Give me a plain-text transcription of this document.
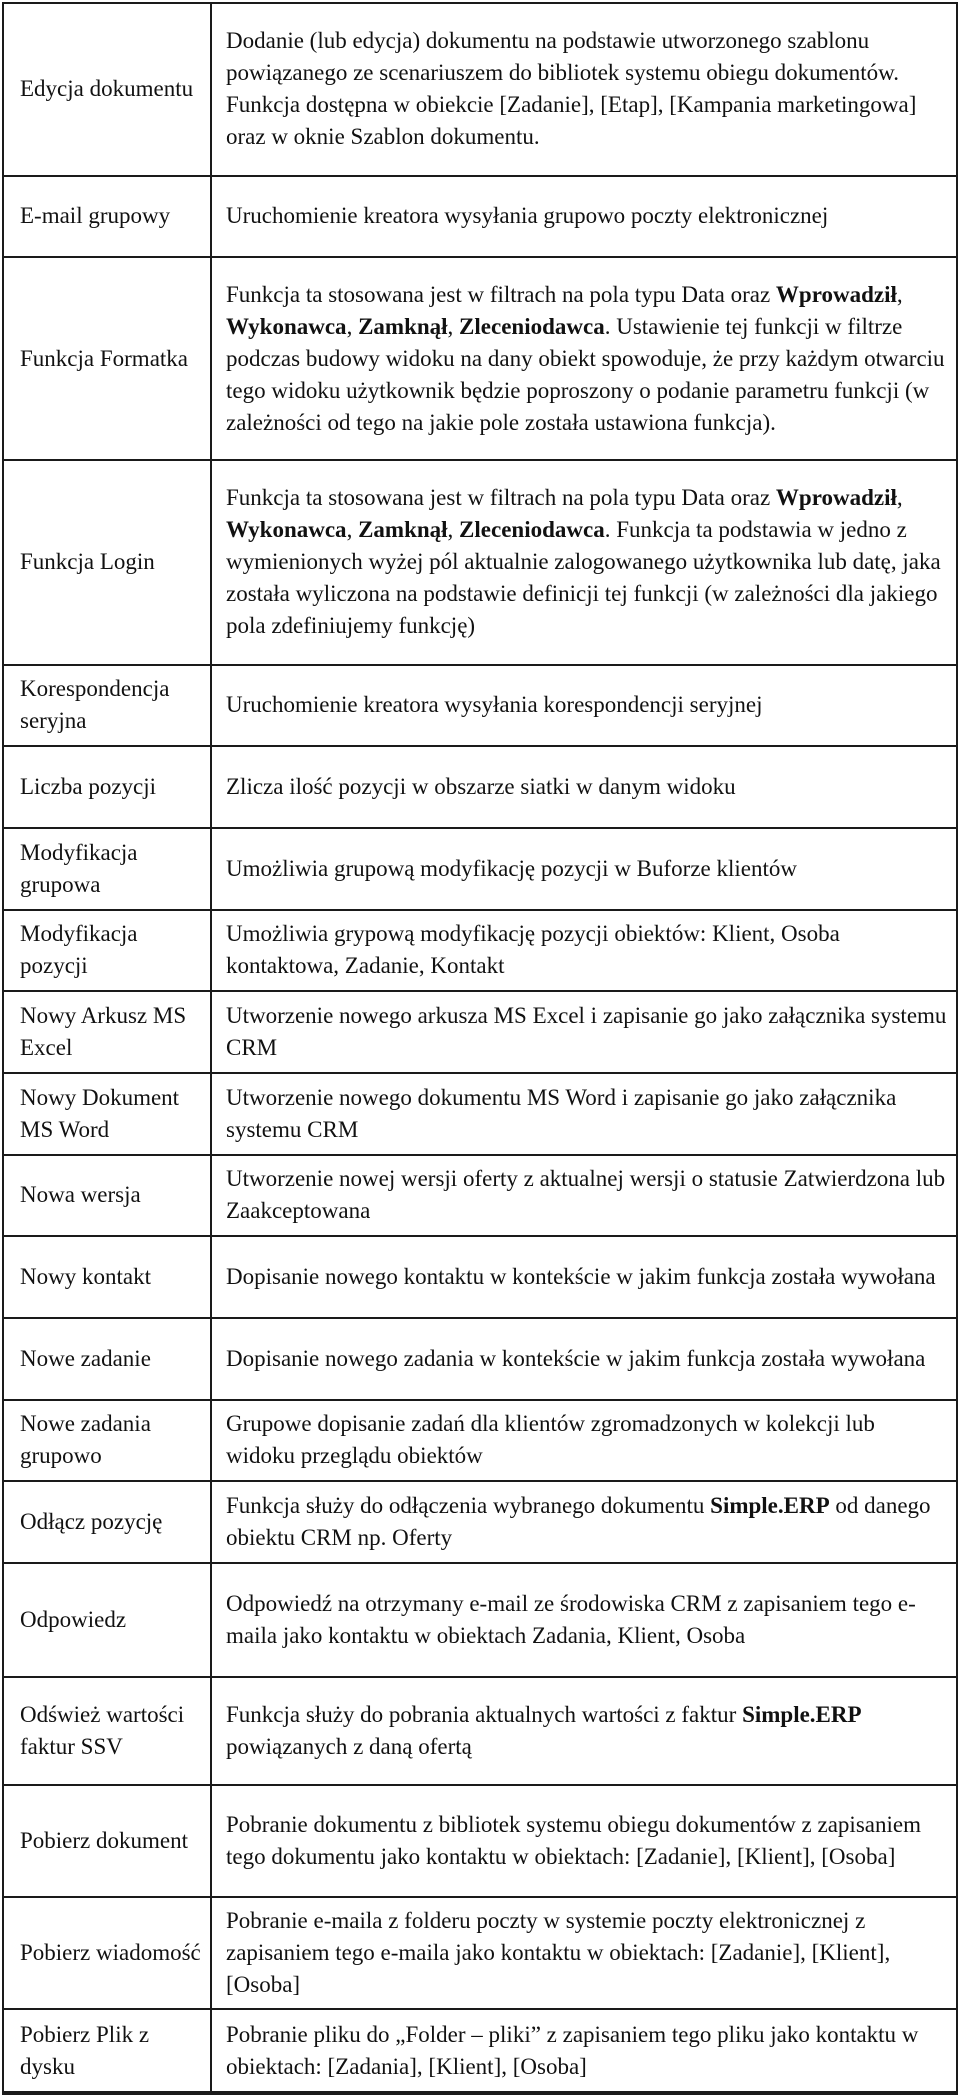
Edycja dokumentu	Dodanie (lub edycja) dokumentu na podstawie utworzonego szablonu powiązanego ze scenariuszem do bibliotek systemu obiegu dokumentów. Funkcja dostępna w obiekcie [Zadanie], [Etap], [Kampania marketingowa] oraz w oknie Szablon dokumentu.
E-mail grupowy	Uruchomienie kreatora wysyłania grupowo poczty elektronicznej
Funkcja Formatka	Funkcja ta stosowana jest w filtrach na pola typu Data oraz Wprowadził, Wykonawca, Zamknął, Zleceniodawca. Ustawienie tej funkcji w filtrze podczas budowy widoku na dany obiekt spowoduje, że przy każdym otwarciu tego widoku użytkownik będzie poproszony o podanie parametru funkcji (w zależności od tego na jakie pole została ustawiona funkcja).
Funkcja Login	Funkcja ta stosowana jest w filtrach na pola typu Data oraz Wprowadził, Wykonawca, Zamknął, Zleceniodawca. Funkcja ta podstawia w jedno z wymienionych wyżej pól aktualnie zalogowanego użytkownika lub datę, jaka została wyliczona na podstawie definicji tej funkcji (w zależności dla jakiego pola zdefiniujemy funkcję)
Korespondencja seryjna	Uruchomienie kreatora wysyłania korespondencji seryjnej
Liczba pozycji	Zlicza ilość pozycji w obszarze siatki w danym widoku
Modyfikacja grupowa	Umożliwia grupową modyfikację pozycji w Buforze klientów
Modyfikacja pozycji	Umożliwia grypową modyfikację pozycji obiektów: Klient, Osoba kontaktowa, Zadanie, Kontakt
Nowy Arkusz MS Excel	Utworzenie nowego arkusza MS Excel i zapisanie go jako załącznika systemu CRM
Nowy Dokument MS Word	Utworzenie nowego dokumentu MS Word i zapisanie go jako załącznika systemu CRM
Nowa wersja	Utworzenie nowej wersji oferty z aktualnej wersji o statusie Zatwierdzona lub Zaakceptowana
Nowy kontakt	Dopisanie nowego kontaktu w kontekście w jakim funkcja została wywołana
Nowe zadanie	Dopisanie nowego zadania w kontekście w jakim funkcja została wywołana
Nowe zadania grupowo	Grupowe dopisanie zadań dla klientów zgromadzonych w kolekcji lub widoku przeglądu obiektów
Odłącz pozycję	Funkcja służy do odłączenia wybranego dokumentu Simple.ERP od danego obiektu CRM np. Oferty
Odpowiedz	Odpowiedź na otrzymany e-mail ze środowiska CRM z zapisaniem tego e-maila jako kontaktu w obiektach Zadania, Klient, Osoba
Odśwież wartości faktur SSV	Funkcja służy do pobrania aktualnych wartości z faktur Simple.ERP powiązanych z daną ofertą
Pobierz dokument	Pobranie dokumentu z bibliotek systemu obiegu dokumentów z zapisaniem tego dokumentu jako kontaktu w obiektach: [Zadanie], [Klient], [Osoba]
Pobierz wiadomość	Pobranie e-maila z folderu poczty w systemie poczty elektronicznej z zapisaniem tego e-maila jako kontaktu w obiektach: [Zadanie], [Klient], [Osoba]
Pobierz Plik z dysku	Pobranie pliku do „Folder – pliki” z zapisaniem tego pliku jako kontaktu w obiektach: [Zadania], [Klient], [Osoba]
